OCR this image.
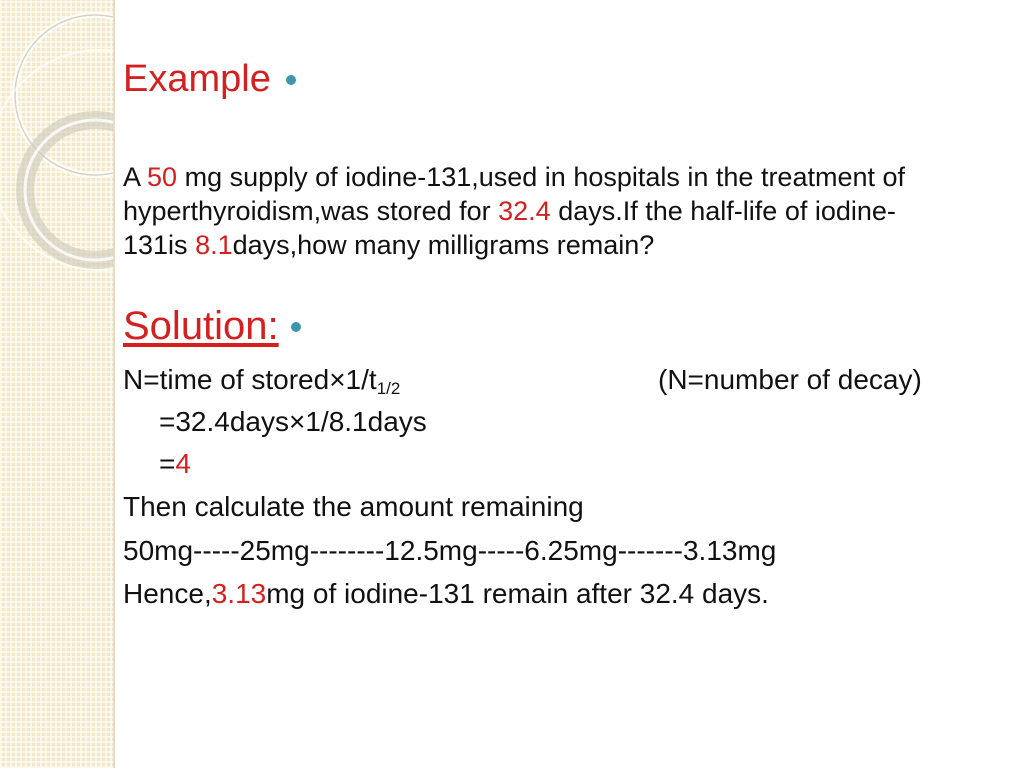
Example

A 50 mg supply of iodine-131,used in hospitals in the treatment of hyperthyroidism,was stored for 32.4 days.If the half-life of iodine-131is 8.1days,how many milligrams remain?

Solution:

N=time of $stored\times 1/t_{1/2}$	(N=number of decay)

=32.4days×1/8.1days

=4

Then calculate the amount remaining

50mg-----25mg--------12.5mg-----6.25mg-------3.13mg

Hence,3.13mg of iodine-131 remain after 32.4 days.
